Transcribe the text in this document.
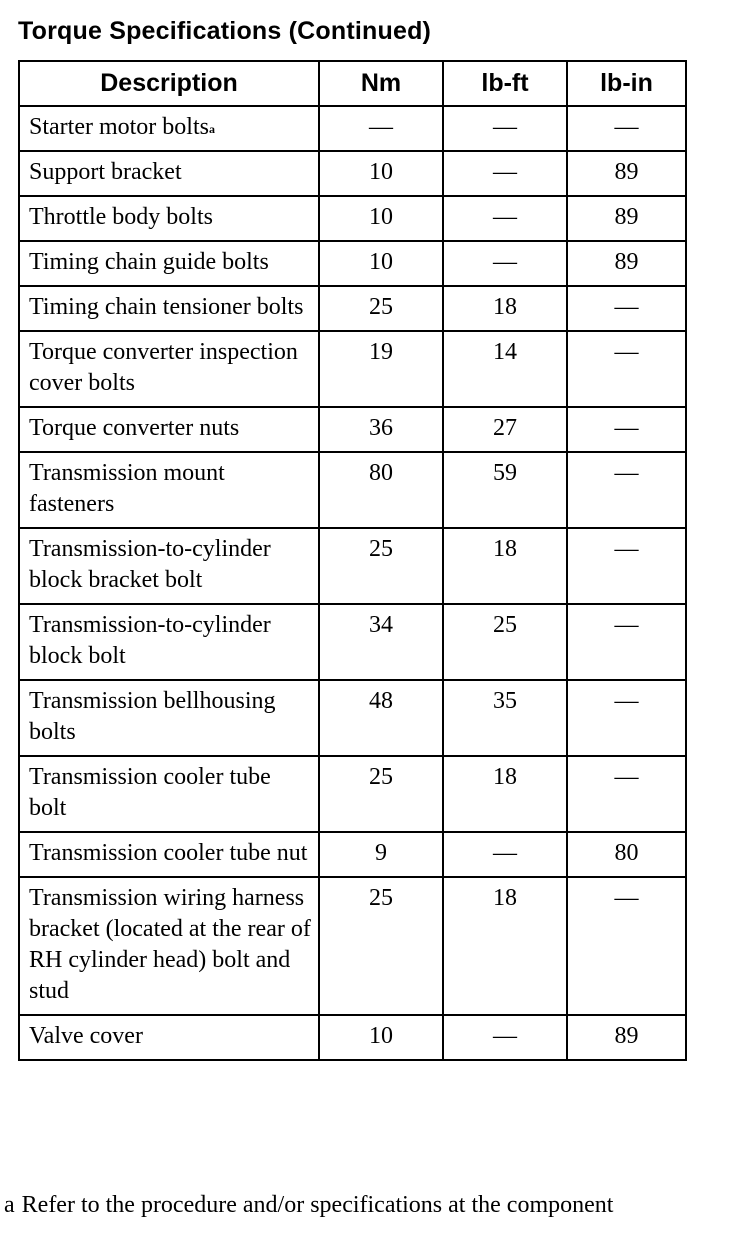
Torque Specifications (Continued)
Description	Nm	lb-ft	lb-in
Starter motor bolts$^a$	—	—	—
Support bracket	10	—	89
Throttle body bolts	10	—	89
Timing chain guide bolts	10	—	89
Timing chain tensioner bolts	25	18	—
Torque converter inspection cover bolts	19	14	—
Torque converter nuts	36	27	—
Transmission mount fasteners	80	59	—
Transmission-to-cylinder block bracket bolt	25	18	—
Transmission-to-cylinder block bolt	34	25	—
Transmission bellhousing bolts	48	35	—
Transmission cooler tube bolt	25	18	—
Transmission cooler tube nut	9	—	80
Transmission wiring harness bracket (located at the rear of RH cylinder head) bolt and stud	25	18	—
Valve cover	10	—	89
a Refer to the procedure and/or specifications at the component
